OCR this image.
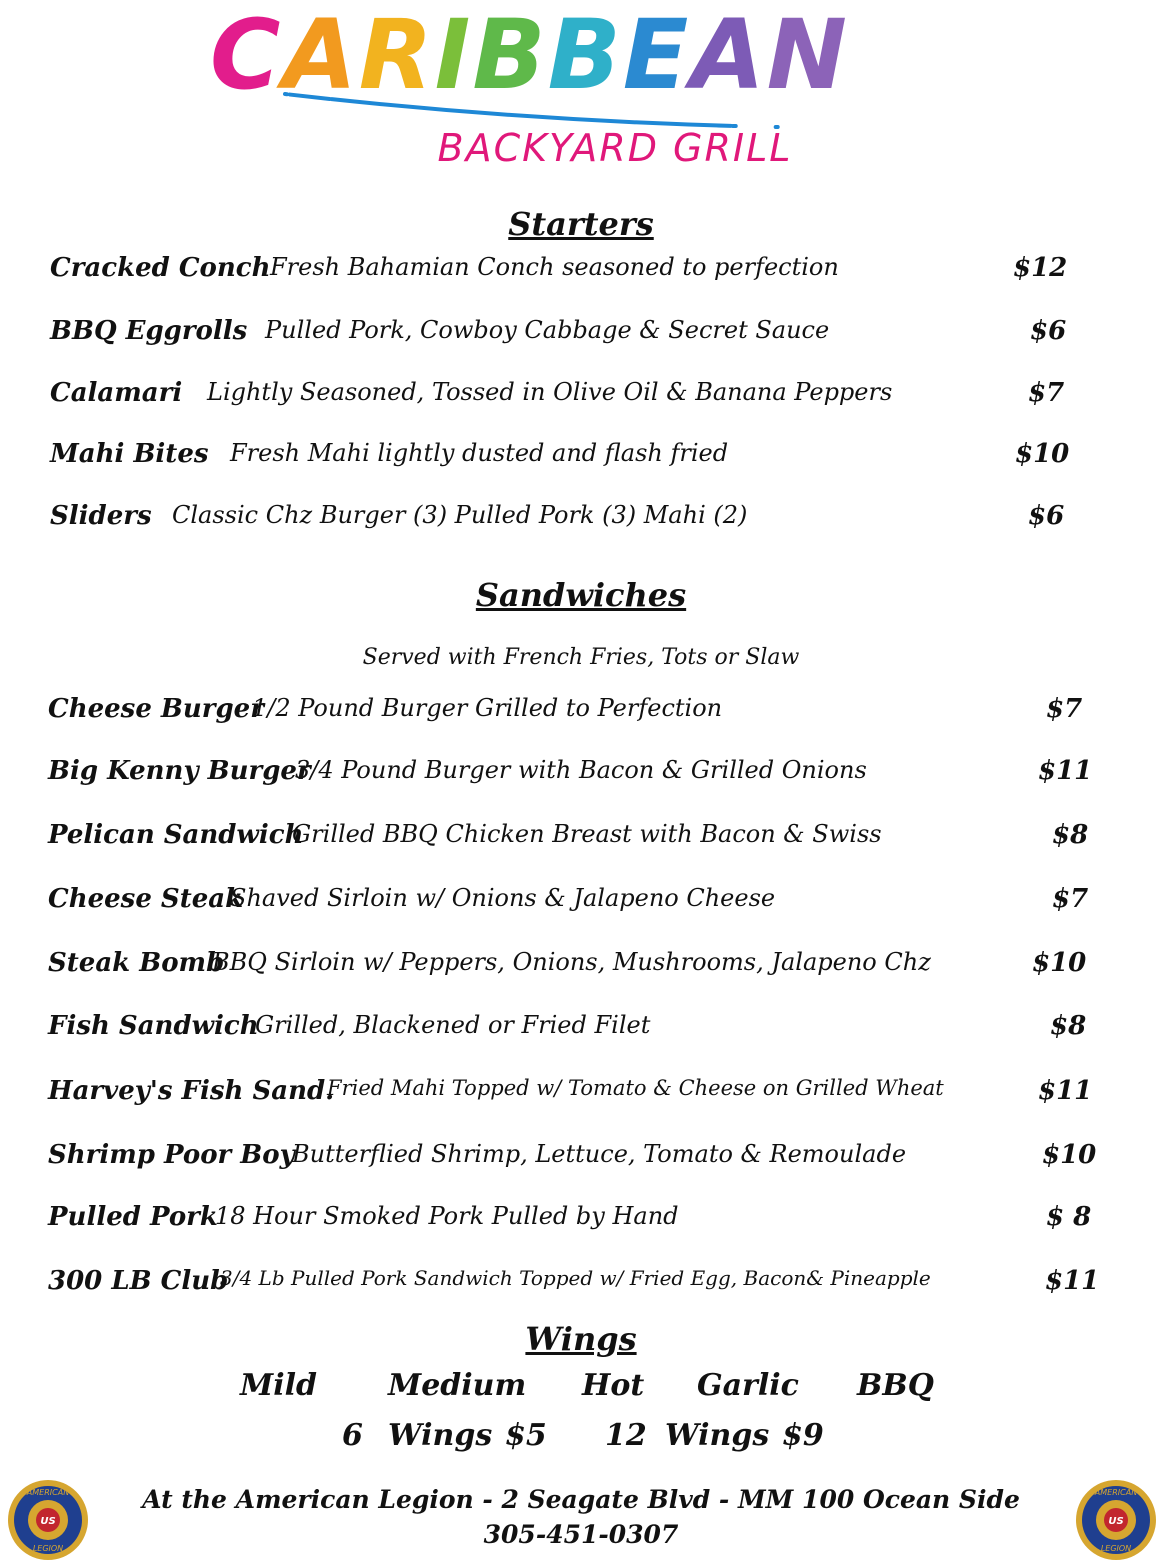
CARIBBEAN
BACKYARD GRILL
Starters
Cracked Conch Fresh Bahamian Conch seasoned to perfection	$12
BBQ Eggrolls Pulled Pork, Cowboy Cabbage & Secret Sauce	$6
Calamari Lightly Seasoned, Tossed in Olive Oil & Banana Peppers	$7
Mahi Bites Fresh Mahi lightly dusted and flash fried	$10
Sliders Classic Chz Burger (3) Pulled Pork (3) Mahi (2)	$6
Sandwiches
Served with French Fries, Tots or Slaw
Cheese Burger
1/2 Pound Burger Grilled to Perfection	$7
Big Kenny Burger
3/4 Pound Burger with Bacon & Grilled Onions	$11
Pelican Sandwich
Grilled BBQ Chicken Breast with Bacon & Swiss	$8
Cheese Steak
Shaved Sirloin w/ Onions & Jalapeno Cheese	$7
Steak Bomb
BBQ Sirloin w/ Peppers, Onions, Mushrooms, Jalapeno Chz	$10
Fish Sandwich
Grilled, Blackened or Fried Filet	$8
Harvey's Fish Sand.
Fried Mahi Topped w/ Tomato & Cheese on Grilled Wheat	$11
Shrimp Poor Boy
Butterflied Shrimp, Lettuce, Tomato & Remoulade	$10
Pulled Pork
18 Hour Smoked Pork Pulled by Hand	$ 8
300 LB Club
3/4 Lb Pulled Pork Sandwich Topped w/ Fried Egg, Bacon& Pineapple	$11
Wings
Mild Medium Hot Garlic BBQ
6 Wings $5 12 Wings $9
At the American Legion - 2 Seagate Blvd - MM 100 Ocean Side
305-451-0307
AMERICAN
LEGION
US
AMERICAN
LEGION
US
